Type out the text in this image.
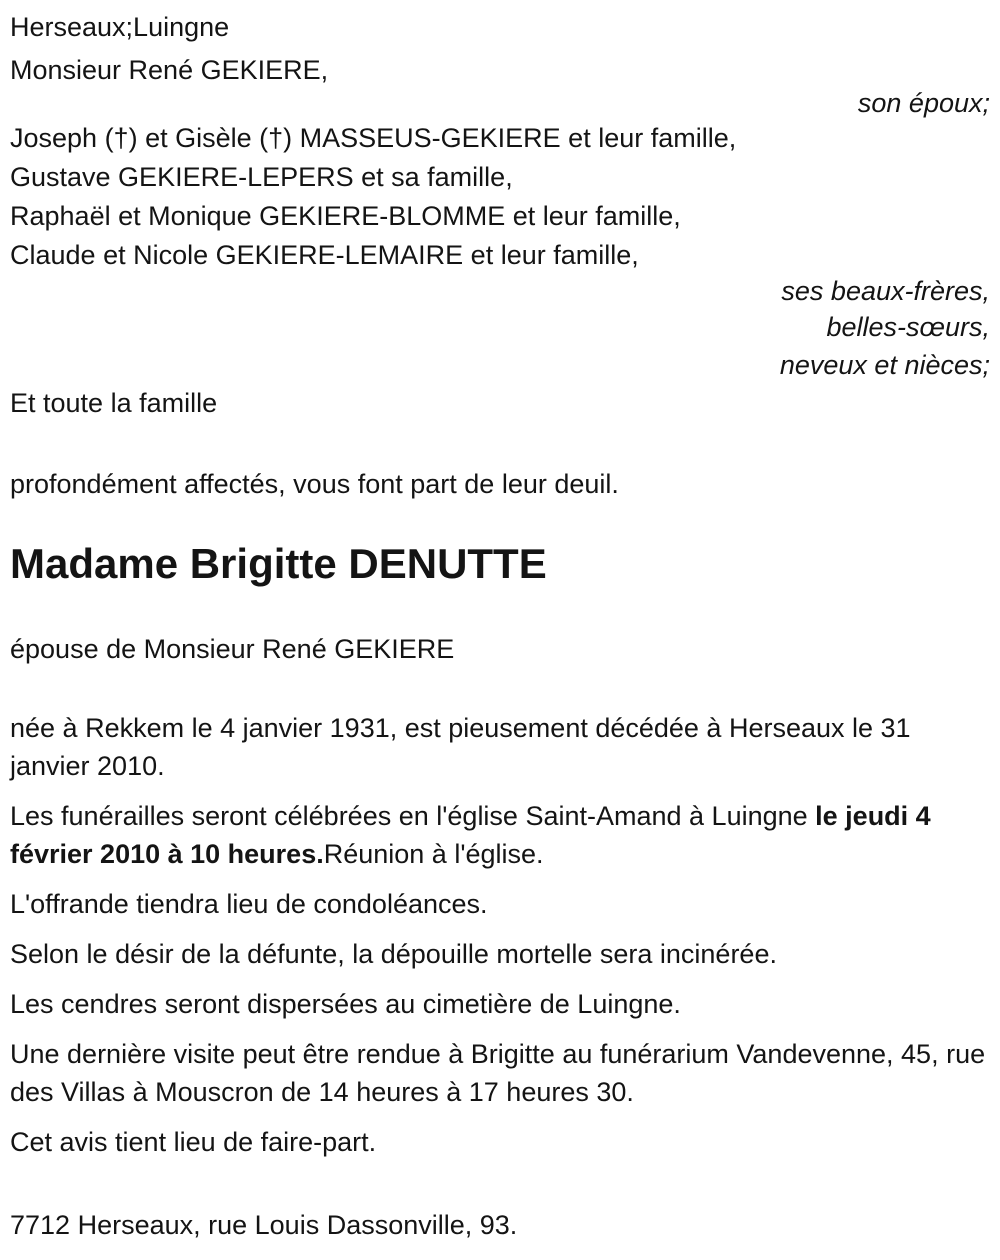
Herseaux;Luingne

Monsieur René GEKIERE,

son époux;

Joseph (†) et Gisèle (†) MASSEUS-GEKIERE et leur famille,

Gustave GEKIERE-LEPERS et sa famille,

Raphaël et Monique GEKIERE-BLOMME et leur famille,

Claude et Nicole GEKIERE-LEMAIRE et leur famille,

ses beaux-frères,

belles-sœurs,

neveux et nièces;

Et toute la famille

profondément affectés, vous font part de leur deuil.

Madame Brigitte DENUTTE

épouse de Monsieur René GEKIERE

née à Rekkem le 4 janvier 1931, est pieusement décédée à Herseaux le 31 janvier 2010.

Les funérailles seront célébrées en l'église Saint-Amand à Luingne le jeudi 4 février 2010 à 10 heures.Réunion à l'église.

L'offrande tiendra lieu de condoléances.

Selon le désir de la défunte, la dépouille mortelle sera incinérée.

Les cendres seront dispersées au cimetière de Luingne.

Une dernière visite peut être rendue à Brigitte au funérarium Vandevenne, 45, rue des Villas à Mouscron de 14 heures à 17 heures 30.

Cet avis tient lieu de faire-part.

7712 Herseaux, rue Louis Dassonville, 93.
